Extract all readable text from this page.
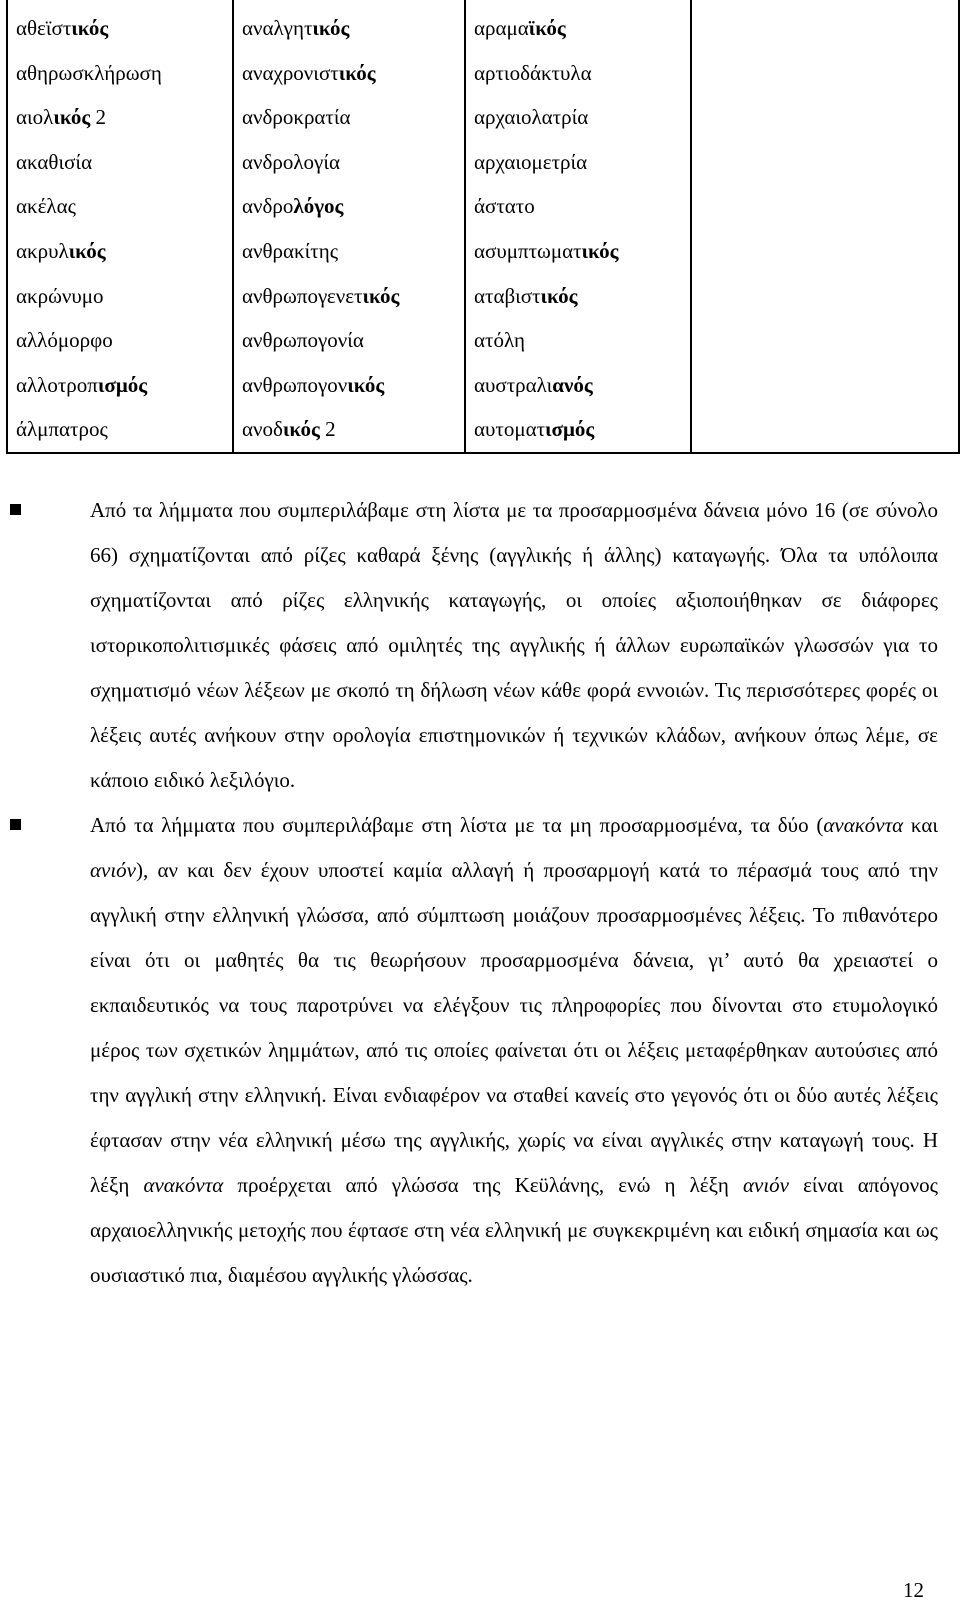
αθεϊστικός
αθηρωσκλήρωση
αιολικός 2
ακαθισία
ακέλας
ακρυλικός
ακρώνυμο
αλλόμορφο
αλλοτροπισμός
άλμπατρος

αναλγητικός
αναχρονιστικός
ανδροκρατία
ανδρολογία
ανδρολόγος
ανθρακίτης
ανθρωπογενετικός
ανθρωπογονία
ανθρωπογονικός
ανοδικός 2

αραμαϊκός
αρτιοδάκτυλα
αρχαιολατρία
αρχαιομετρία
άστατο
ασυμπτωματικός
αταβιστικός
ατόλη
αυστραλιανός
αυτοματισμός

Από τα λήμματα που συμπεριλάβαμε στη λίστα με τα προσαρμοσμένα δάνεια μόνο 16 (σε σύνολο 66) σχηματίζονται από ρίζες καθαρά ξένης (αγγλικής ή άλλης) καταγωγής. Όλα τα υπόλοιπα σχηματίζονται από ρίζες ελληνικής καταγωγής, οι οποίες αξιοποιήθηκαν σε διάφορες ιστορικοπολιτισμικές φάσεις από ομιλητές της αγγλικής ή άλλων ευρωπαϊκών γλωσσών για το σχηματισμό νέων λέξεων με σκοπό τη δήλωση νέων κάθε φορά εννοιών. Τις περισσότερες φορές οι λέξεις αυτές ανήκουν στην ορολογία επιστημονικών ή τεχνικών κλάδων, ανήκουν όπως λέμε, σε κάποιο ειδικό λεξιλόγιο.

Από τα λήμματα που συμπεριλάβαμε στη λίστα με τα μη προσαρμοσμένα, τα δύο (ανακόντα και ανιόν), αν και δεν έχουν υποστεί καμία αλλαγή ή προσαρμογή κατά το πέρασμά τους από την αγγλική στην ελληνική γλώσσα, από σύμπτωση μοιάζουν προσαρμοσμένες λέξεις. Το πιθανότερο είναι ότι οι μαθητές θα τις θεωρήσουν προσαρμοσμένα δάνεια, γι’ αυτό θα χρειαστεί ο εκπαιδευτικός να τους παροτρύνει να ελέγξουν τις πληροφορίες που δίνονται στο ετυμολογικό μέρος των σχετικών λημμάτων, από τις οποίες φαίνεται ότι οι λέξεις μεταφέρθηκαν αυτούσιες από την αγγλική στην ελληνική. Είναι ενδιαφέρον να σταθεί κανείς στο γεγονός ότι οι δύο αυτές λέξεις έφτασαν στην νέα ελληνική μέσω της αγγλικής, χωρίς να είναι αγγλικές στην καταγωγή τους. Η λέξη ανακόντα προέρχεται από γλώσσα της Κεϋλάνης, ενώ η λέξη ανιόν είναι απόγονος αρχαιοελληνικής μετοχής που έφτασε στη νέα ελληνική με συγκεκριμένη και ειδική σημασία και ως ουσιαστικό πια, διαμέσου αγγλικής γλώσσας.

12
